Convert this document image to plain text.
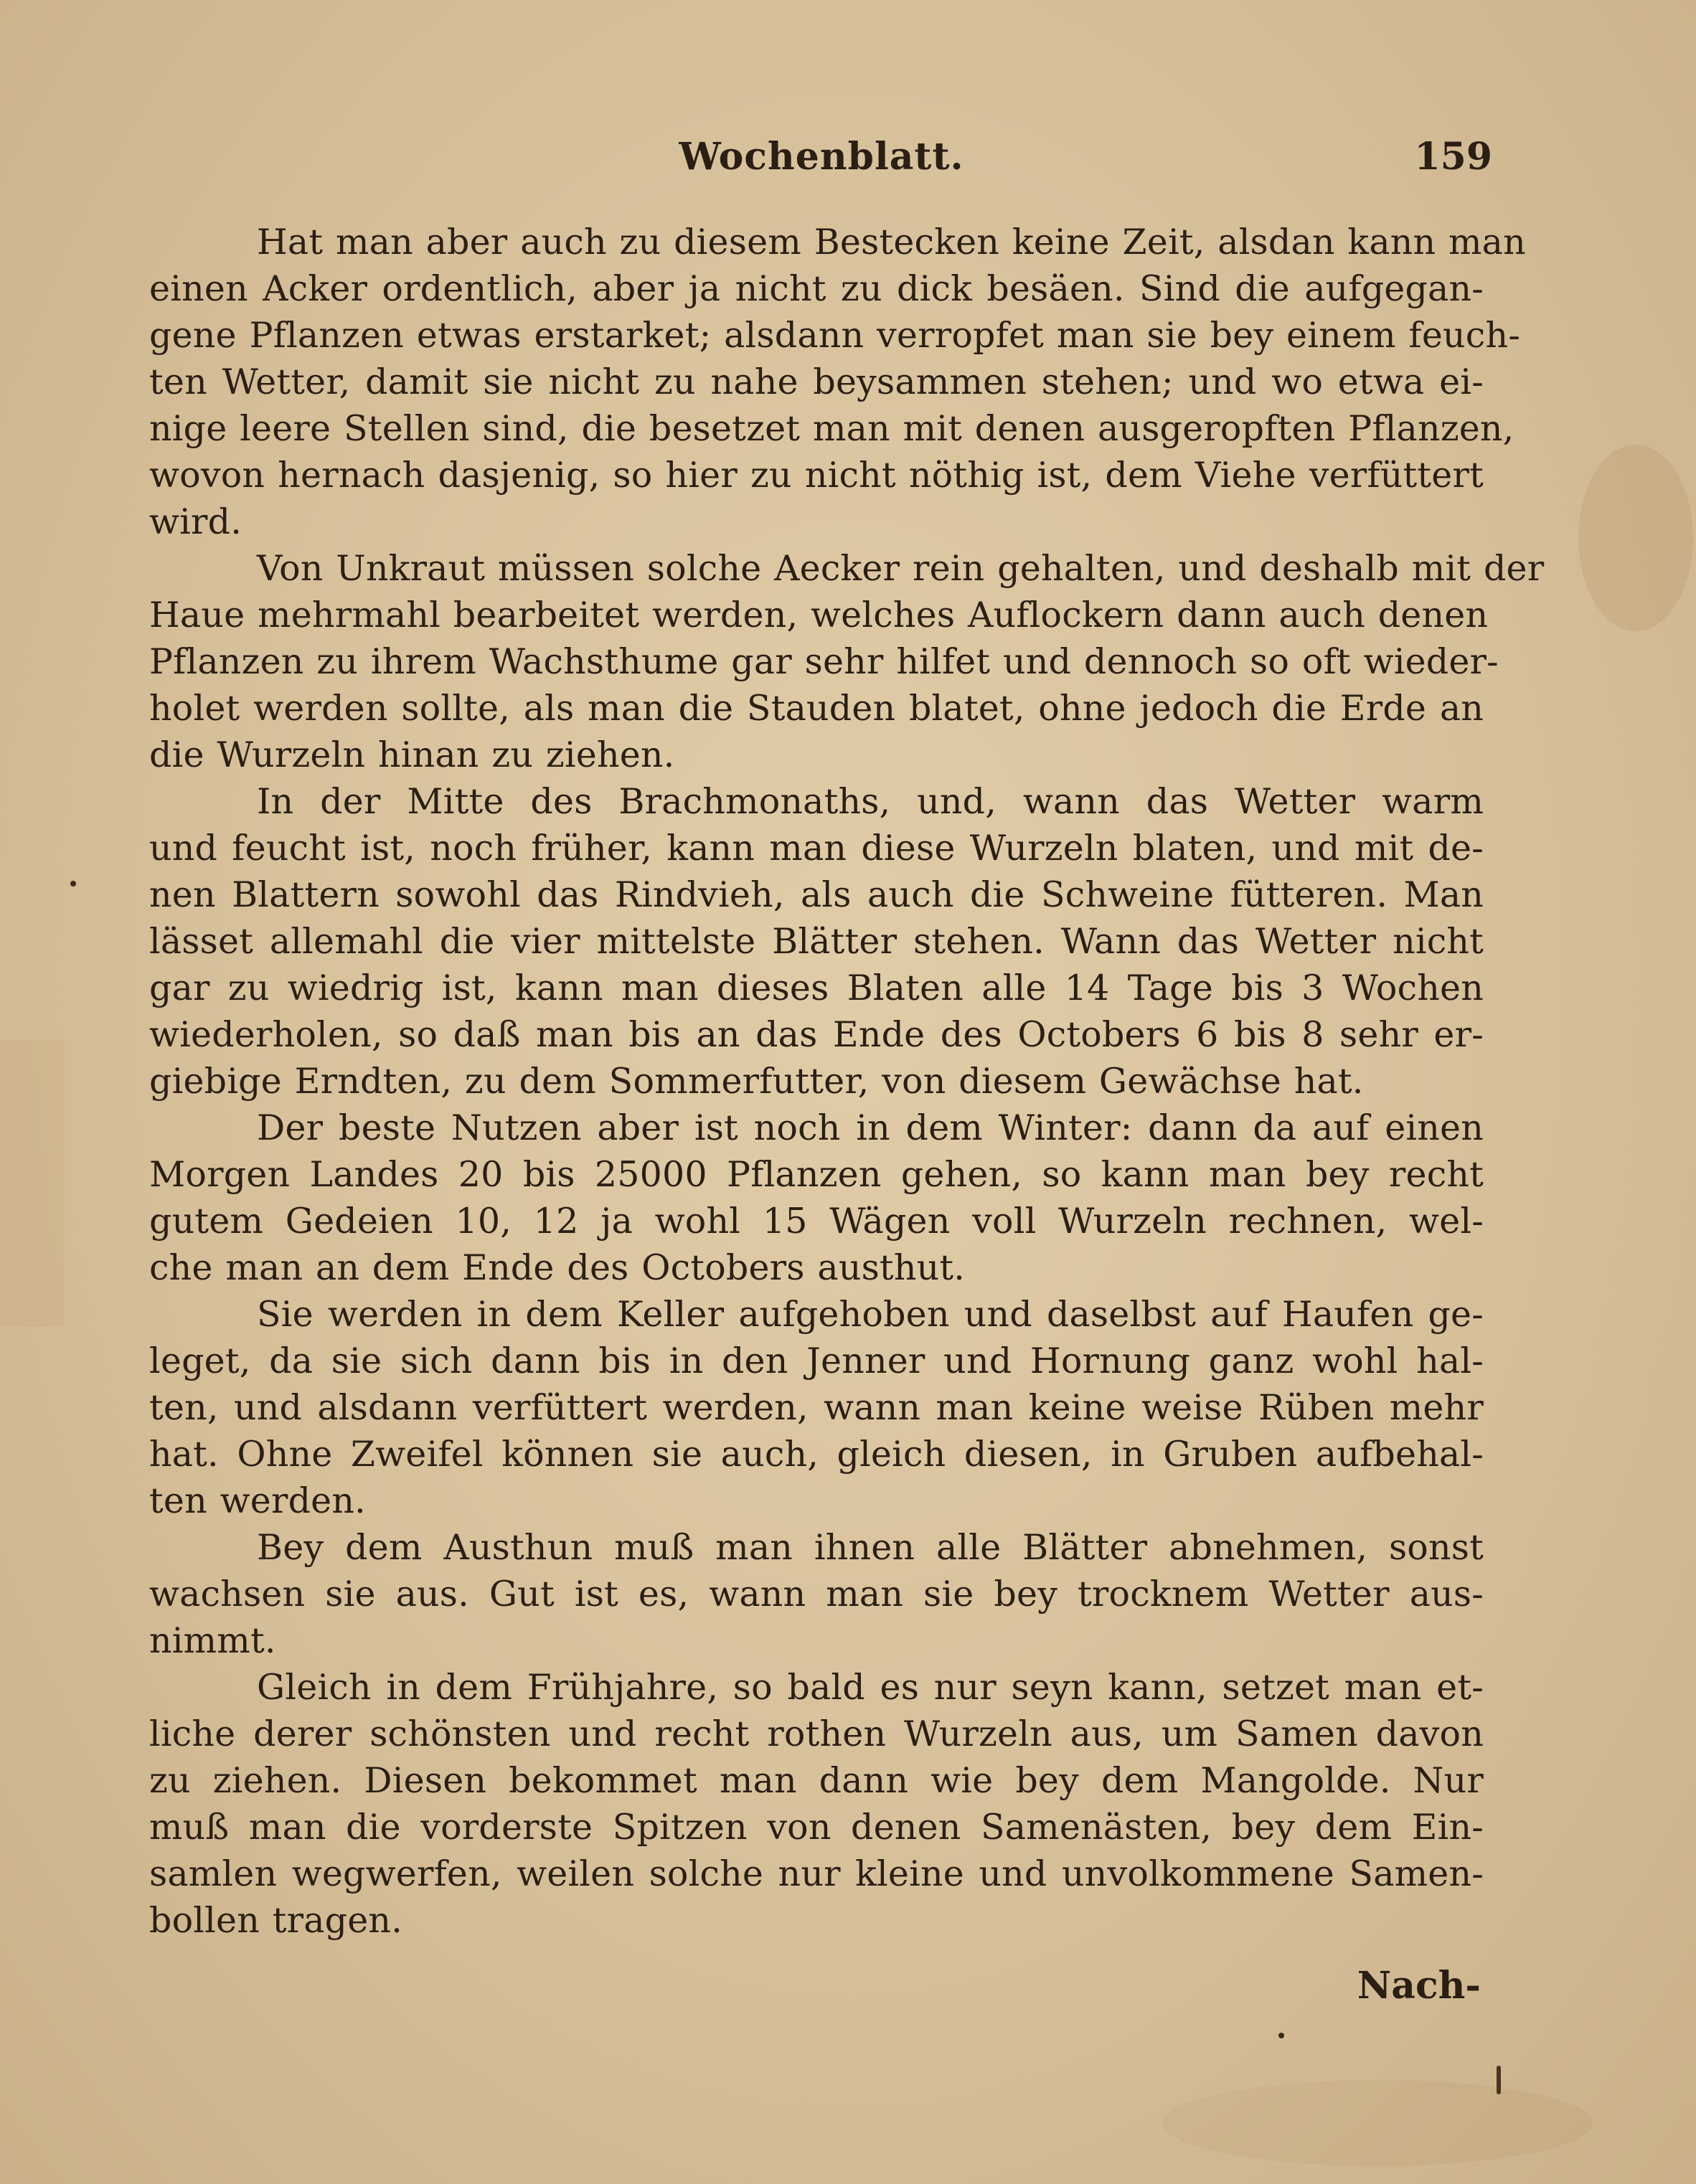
Wochenblatt.	159
Hat man aber auch zu diesem Bestecken keine Zeit, alsdan kann man
einen Acker ordentlich, aber ja nicht zu dick besäen. Sind die aufgegan-
gene Pflanzen etwas erstarket; alsdann verropfet man sie bey einem feuch-
ten Wetter, damit sie nicht zu nahe beysammen stehen; und wo etwa ei-
nige leere Stellen sind, die besetzet man mit denen ausgeropften Pflanzen,
wovon hernach dasjenig, so hier zu nicht nöthig ist, dem Viehe verfüttert
wird.
Von Unkraut müssen solche Aecker rein gehalten, und deshalb mit der
Haue mehrmahl bearbeitet werden, welches Auflockern dann auch denen
Pflanzen zu ihrem Wachsthume gar sehr hilfet und dennoch so oft wieder-
holet werden sollte, als man die Stauden blatet, ohne jedoch die Erde an
die Wurzeln hinan zu ziehen.
In der Mitte des Brachmonaths, und, wann das Wetter warm
und feucht ist, noch früher, kann man diese Wurzeln blaten, und mit de-
nen Blattern sowohl das Rindvieh, als auch die Schweine fütteren. Man
lässet allemahl die vier mittelste Blätter stehen. Wann das Wetter nicht
gar zu wiedrig ist, kann man dieses Blaten alle 14 Tage bis 3 Wochen
wiederholen, so daß man bis an das Ende des Octobers 6 bis 8 sehr er-
giebige Erndten, zu dem Sommerfutter, von diesem Gewächse hat.
Der beste Nutzen aber ist noch in dem Winter: dann da auf einen
Morgen Landes 20 bis 25000 Pflanzen gehen, so kann man bey recht
gutem Gedeien 10, 12 ja wohl 15 Wägen voll Wurzeln rechnen, wel-
che man an dem Ende des Octobers austhut.
Sie werden in dem Keller aufgehoben und daselbst auf Haufen ge-
leget, da sie sich dann bis in den Jenner und Hornung ganz wohl hal-
ten, und alsdann verfüttert werden, wann man keine weise Rüben mehr
hat. Ohne Zweifel können sie auch, gleich diesen, in Gruben aufbehal-
ten werden.
Bey dem Austhun muß man ihnen alle Blätter abnehmen, sonst
wachsen sie aus. Gut ist es, wann man sie bey trocknem Wetter aus-
nimmt.
Gleich in dem Frühjahre, so bald es nur seyn kann, setzet man et-
liche derer schönsten und recht rothen Wurzeln aus, um Samen davon
zu ziehen. Diesen bekommet man dann wie bey dem Mangolde. Nur
muß man die vorderste Spitzen von denen Samenästen, bey dem Ein-
samlen wegwerfen, weilen solche nur kleine und unvolkommene Samen-
bollen tragen.
Nach-
